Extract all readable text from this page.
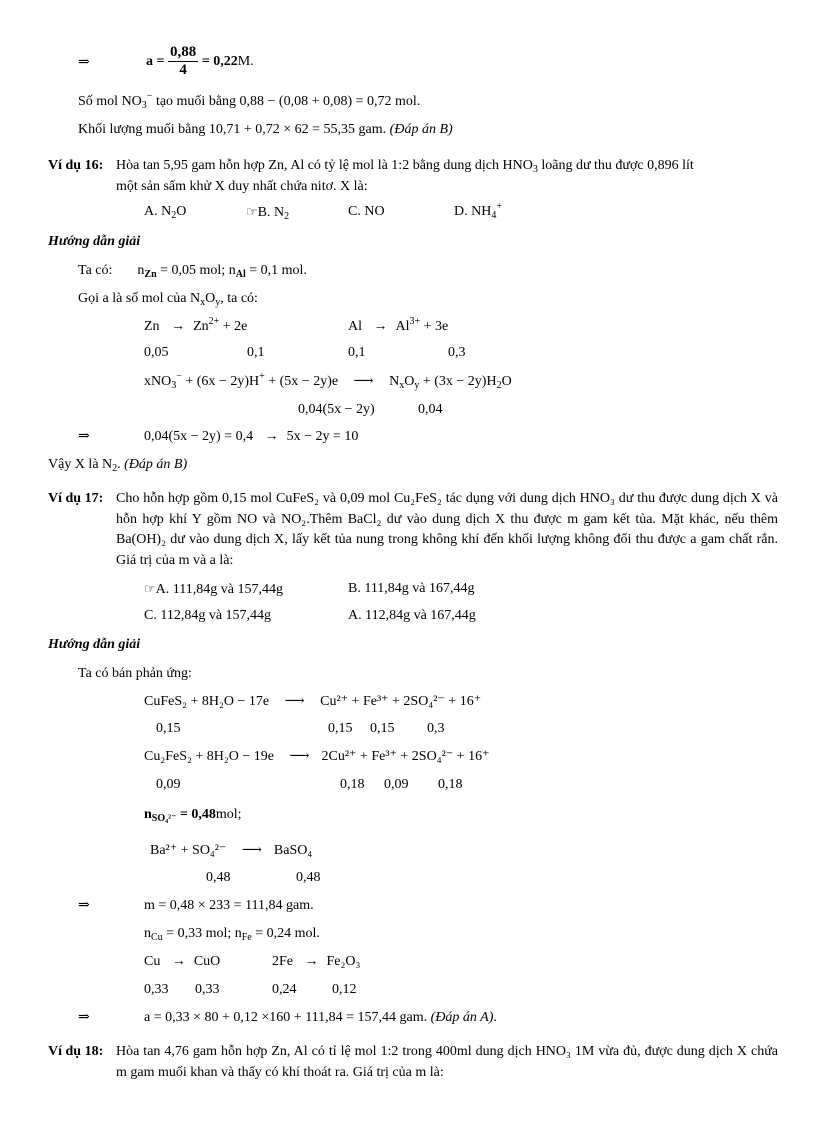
⇒	$a = \frac{0,88}{4} = 0,22M$.
Số mol $NO_3^-$ tạo muối bằng 0,88 − (0,08 + 0,08) = 0,72 mol.
Khối lượng muối bằng 10,71 + 0,72 × 62 = 55,35 gam. (Đáp án B)
Ví dụ 16: Hòa tan 5,95 gam hỗn hợp Zn, Al có tỷ lệ mol là 1:2 bằng dung dịch $HNO_3$ loãng dư thu được 0,896 lít
một sản sẩm khử X duy nhất chứa nitơ. X là:
A. $N_2O$	☞B. $N_2$	C. NO	D. $NH_4^+$
Hướng dẫn giải
Ta có: $n_{Zn} = 0,05$ mol; $n_{Al} = 0,1$ mol.
Gọi a là số mol của $N_xO_y$, ta có:
$Zn \to Zn^{2+} + 2e$	$Al \to Al^{3+} + 3e$
0,05	0,1	0,1	0,3
xNO$_3$− + (6x − 2y)H+ + (5x − 2y)e ⟶ $N_xO_y + (3x - 2y)H_2O$
0,04(5x − 2y)	0,04
⇒	0,04(5x − 2y) = 0,4 → 5x − 2y = 10
Vậy X là $N_2$. (Đáp án B)
Ví dụ 17: Cho hỗn hợp gồm 0,15 mol CuFeS₂ và 0,09 mol Cu₂FeS₂ tác dụng với dung dịch HNO₃ dư thu được dung dịch X và hỗn hợp khí Y gồm NO và NO₂.Thêm BaCl₂ dư vào dung dịch X thu được m gam kết tủa. Mặt khác, nếu thêm Ba(OH)₂ dư vào dung dịch X, lấy kết tủa nung trong không khí đến khối lượng không đổi thu được a gam chất rắn. Giá trị của m và a là:
☞A. 111,84g và 157,44g	B. 111,84g và 167,44g
C. 112,84g và 157,44g	A. 112,84g và 167,44g
Hướng dẫn giải
Ta có bán phản ứng:
CuFeS₂ + 8H₂O − 17e ⟶ Cu²⁺ + Fe³⁺ + 2SO₄²⁻ + 16⁺
0,15	0,15 0,15 0,3
Cu₂FeS₂ + 8H₂O − 19e ⟶ 2Cu²⁺ + Fe³⁺ + 2SO₄²⁻ + 16⁺
0,09	0,18 0,09 0,18
$n_{SO_4^{2-}} = 0,48mol$;
Ba²⁺ + SO₄²⁻ ⟶ BaSO₄
0,48	0,48
⇒	m = 0,48 × 233 = 111,84 gam.
$n_{Cu} = 0,33$ mol; $n_{Fe} = 0,24$ mol.
Cu → CuO	2Fe → Fe₂O₃
0,33 0,33	0,24	0,12
⇒	a = 0,33 × 80 + 0,12 ×160 + 111,84 = 157,44 gam. (Đáp án A).
Ví dụ 18: Hòa tan 4,76 gam hỗn hợp Zn, Al có tỉ lệ mol 1:2 trong 400ml dung dịch HNO₃ 1M vừa đủ, được dung dịch X chứa m gam muối khan và thấy có khí thoát ra. Giá trị của m là:
